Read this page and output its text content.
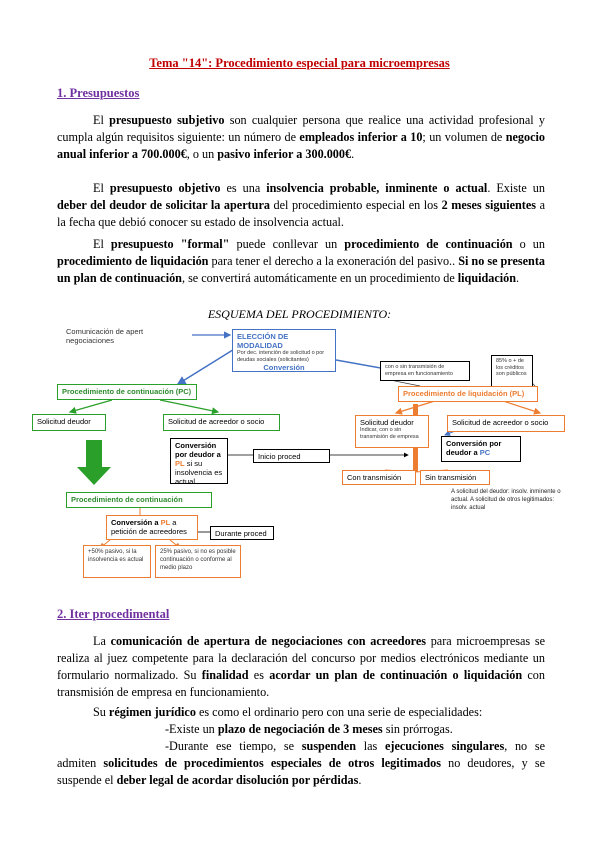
Tema "14": Procedimiento especial para microempresas
1. Presupuestos
El presupuesto subjetivo son cualquier persona que realice una actividad profesional y cumpla algún requisitos siguiente: un número de empleados inferior a 10; un volumen de negocio anual inferior a 700.000€, o un pasivo inferior a 300.000€.
El presupuesto objetivo es una insolvencia probable, inminente o actual. Existe un deber del deudor de solicitar la apertura del procedimiento especial en los 2 meses siguientes a la fecha que debió conocer su estado de insolvencia actual.
El presupuesto "formal" puede conllevar un procedimiento de continuación o un procedimiento de liquidación para tener el derecho a la exoneración del pasivo.. Si no se presenta un plan de continuación, se convertirá automáticamente en un procedimiento de liquidación.
ESQUEMA DEL PROCEDIMIENTO:
Comunicación de apert negociaciones	ELECCIÓN DE MODALIDAD
Por dec. intención de solicitud o por deudas sociales (solicitantes)
Conversión	con o sin transmisión de empresa en funcionamiento
85% o + de los créditos son públicos
Procedimiento de continuación (PC)	Procedimiento de liquidación (PL)
Solicitud deudor	Solicitud de acreedor o socio
Conversión por deudor a PL si su insolvencia es actual
Inicio proced
Solicitud deudor
Indicar, con o sin transmisión de empresa
Solicitud de acreedor o socio
Conversión por deudor a PC
Con transmisión	Sin transmisión
A solicitud del deudor: insolv. inminente o actual. A solicitud de otros legitimados: insolv. actual
Procedimiento de continuación
Conversión a PL a petición de acreedores	Durante proced
+50% pasivo, si la insolvencia es actual
25% pasivo, si no es posible continuación o conforme al medio plazo
2. Iter procedimental
La comunicación de apertura de negociaciones con acreedores para microempresas se realiza al juez competente para la declaración del concurso por medios electrónicos mediante un formulario normalizado. Su finalidad es acordar un plan de continuación o liquidación con transmisión de empresa en funcionamiento.
Su régimen jurídico es como el ordinario pero con una serie de especialidades:
-Existe un plazo de negociación de 3 meses sin prórrogas.
-Durante ese tiempo, se suspenden las ejecuciones singulares, no se admiten solicitudes de procedimientos especiales de otros legitimados no deudores, y se suspende el deber legal de acordar disolución por pérdidas.
